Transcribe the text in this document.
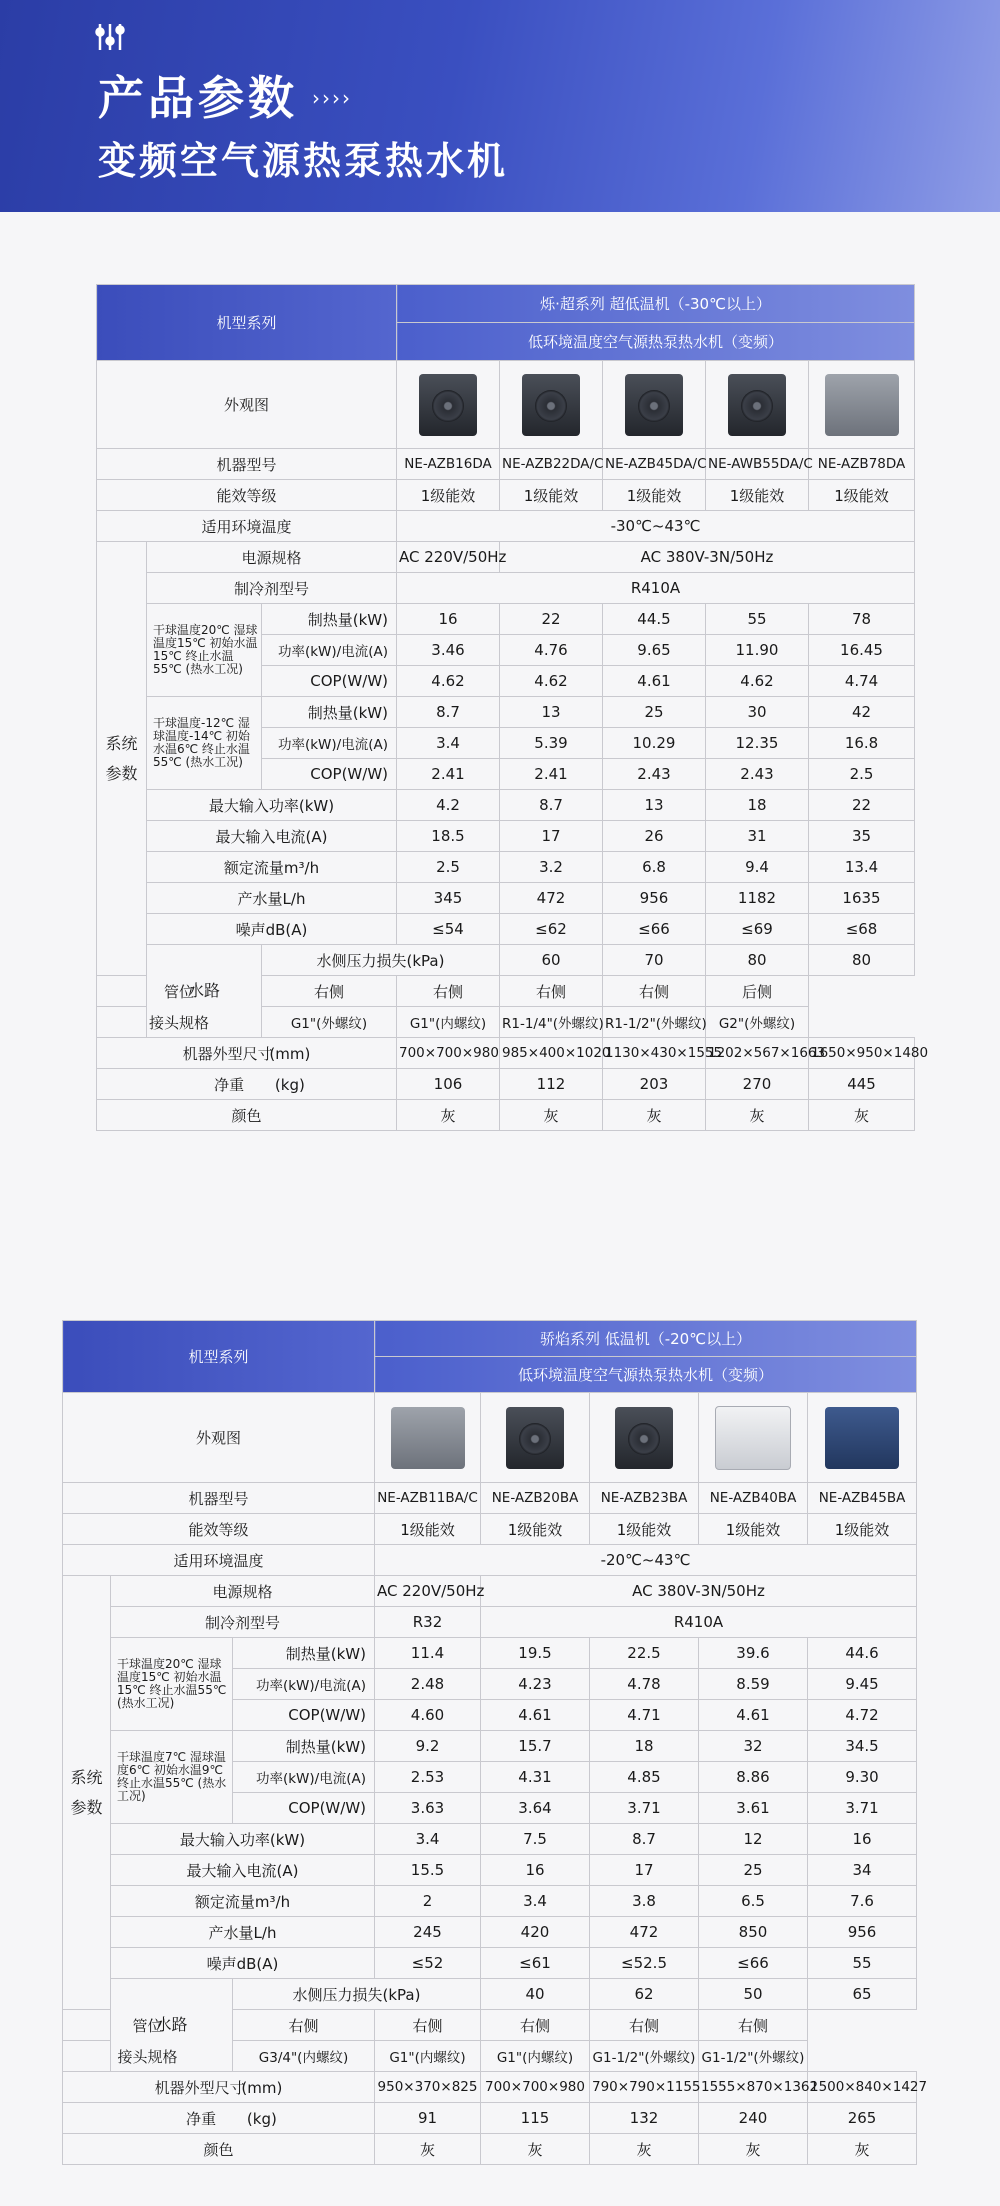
产品参数 ››››
变频空气源热泵热水机
机型系列			烁·超系列 超低温机（-30℃以上）					
			低环境温度空气源热泵热水机（变频）					
外观图				

机器型号			NE-AZB16DA	NE-AZB22DA/C	NE-AZB45DA/C	NE-AWB55DA/C	NE-AZB78DA	
能效等级			1级能效	1级能效	1级能效	1级能效	1级能效	
适用环境温度			-30℃~43℃					
系统参数	电源规格		AC 220V/50Hz	AC 380V-3N/50Hz				
	制冷剂型号		R410A					
	干球温度20℃ 湿球温度15℃ 初始水温15℃ 终止水温55℃ (热水工况)	制热量(kW)	16	22	44.5	55	78	
		功率(kW)/电流(A)	3.46	4.76	9.65	11.90	16.45	
		COP(W/W)	4.62	4.62	4.61	4.62	4.74	
	干球温度-12℃ 湿球温度-14℃ 初始水温6℃ 终止水温55℃ (热水工况)	制热量(kW)	8.7	13	25	30	42	
		功率(kW)/电流(A)	3.4	5.39	10.29	12.35	16.8	
		COP(W/W)	2.41	2.41	2.43	2.43	2.5	
	最大输入功率(kW)		4.2	8.7	13	18	22	
	最大输入电流(A)		18.5	17	26	31	35	
	额定流量m³/h		2.5	3.2	6.8	9.4	13.4	
	产水量L/h		345	472	956	1182	1635	
	噪声dB(A)		≤54	≤62	≤66	≤69	≤68	
	水路	水侧压力损失(kPa)		60	70	80	80	
管位		右侧	右侧	右侧	右侧	后侧		
接头规格		G1"(外螺纹)	G1"(内螺纹)	R1-1/4"(外螺纹)	R1-1/2"(外螺纹)	G2"(外螺纹)		
机器外型尺寸 (mm)			700×700×980	985×400×1020	1130×430×1555	1202×567×1663	1650×950×1480	
净重 (kg)			106	112	203	270	445	
颜色			灰	灰	灰	灰	灰	
机型系列			骄焰系列 低温机（-20℃以上）					
			低环境温度空气源热泵热水机（变频）					
外观图					

机器型号			NE-AZB11BA/C	NE-AZB20BA	NE-AZB23BA	NE-AZB40BA	NE-AZB45BA	
能效等级			1级能效	1级能效	1级能效	1级能效	1级能效	
适用环境温度			-20℃~43℃					
系统参数	电源规格		AC 220V/50Hz	AC 380V-3N/50Hz				
	制冷剂型号		R32	R410A				
	干球温度20℃ 湿球温度15℃ 初始水温15℃ 终止水温55℃ (热水工况)	制热量(kW)	11.4	19.5	22.5	39.6	44.6	
		功率(kW)/电流(A)	2.48	4.23	4.78	8.59	9.45	
		COP(W/W)	4.60	4.61	4.71	4.61	4.72	
	干球温度7℃ 湿球温度6℃ 初始水温9℃ 终止水温55℃ (热水工况)	制热量(kW)	9.2	15.7	18	32	34.5	
		功率(kW)/电流(A)	2.53	4.31	4.85	8.86	9.30	
		COP(W/W)	3.63	3.64	3.71	3.61	3.71	
	最大输入功率(kW)		3.4	7.5	8.7	12	16	
	最大输入电流(A)		15.5	16	17	25	34	
	额定流量m³/h		2	3.4	3.8	6.5	7.6	
	产水量L/h		245	420	472	850	956	
	噪声dB(A)		≤52	≤61	≤52.5	≤66	55	
	水路	水侧压力损失(kPa)		40	62	50	65	
管位		右侧	右侧	右侧	右侧	右侧		
接头规格		G3/4"(内螺纹)	G1"(内螺纹)	G1"(内螺纹)	G1-1/2"(外螺纹)	G1-1/2"(外螺纹)		
机器外型尺寸 (mm)			950×370×825	700×700×980	790×790×1155	1555×870×1362	1500×840×1427	
净重 (kg)			91	115	132	240	265	
颜色			灰	灰	灰	灰	灰	
